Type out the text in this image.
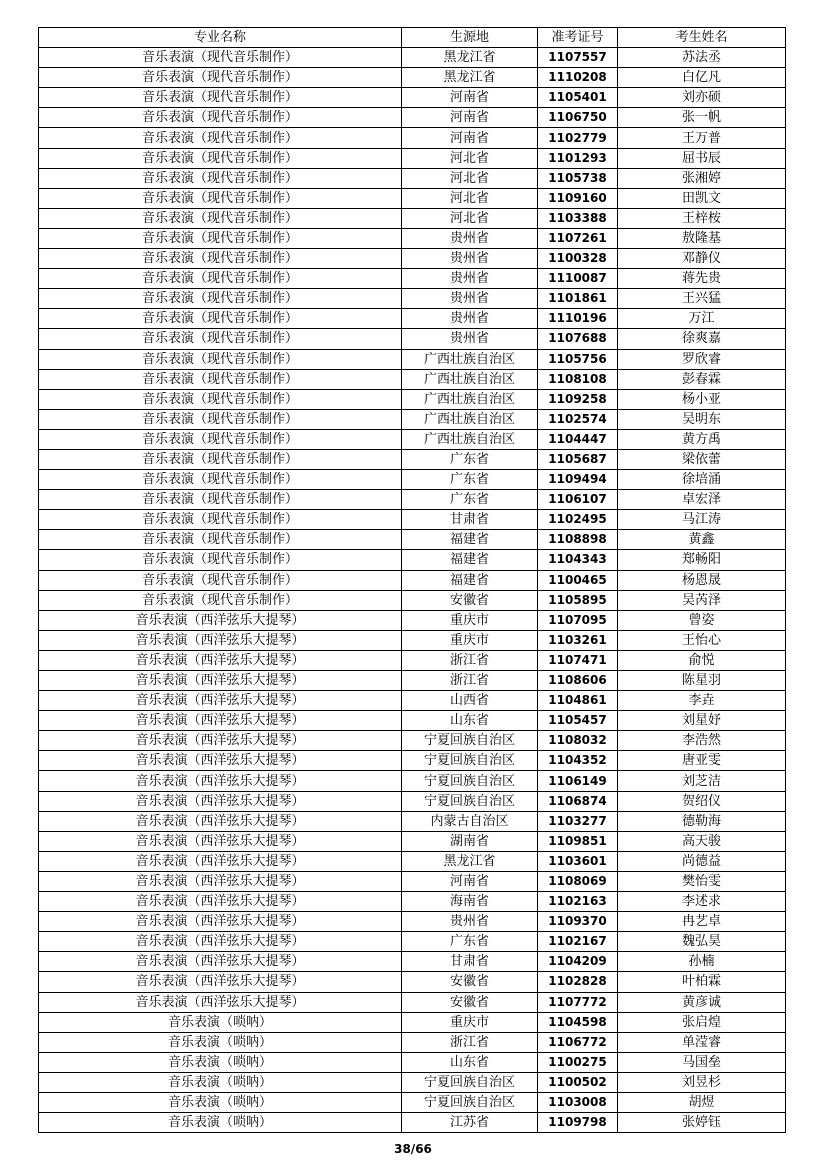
专业名称	生源地	准考证号	考生姓名
音乐表演（现代音乐制作）	黑龙江省	1107557	苏法丞
音乐表演（现代音乐制作）	黑龙江省	1110208	白亿凡
音乐表演（现代音乐制作）	河南省	1105401	刘亦硕
音乐表演（现代音乐制作）	河南省	1106750	张一帆
音乐表演（现代音乐制作）	河南省	1102779	王万普
音乐表演（现代音乐制作）	河北省	1101293	屈书辰
音乐表演（现代音乐制作）	河北省	1105738	张湘婷
音乐表演（现代音乐制作）	河北省	1109160	田凯文
音乐表演（现代音乐制作）	河北省	1103388	王梓桉
音乐表演（现代音乐制作）	贵州省	1107261	敖隆基
音乐表演（现代音乐制作）	贵州省	1100328	邓静仪
音乐表演（现代音乐制作）	贵州省	1110087	蒋先贵
音乐表演（现代音乐制作）	贵州省	1101861	王兴猛
音乐表演（现代音乐制作）	贵州省	1110196	万江
音乐表演（现代音乐制作）	贵州省	1107688	徐爽嘉
音乐表演（现代音乐制作）	广西壮族自治区	1105756	罗欣睿
音乐表演（现代音乐制作）	广西壮族自治区	1108108	彭春霖
音乐表演（现代音乐制作）	广西壮族自治区	1109258	杨小亚
音乐表演（现代音乐制作）	广西壮族自治区	1102574	吴明东
音乐表演（现代音乐制作）	广西壮族自治区	1104447	黄方禹
音乐表演（现代音乐制作）	广东省	1105687	梁依蕾
音乐表演（现代音乐制作）	广东省	1109494	徐培涌
音乐表演（现代音乐制作）	广东省	1106107	卓宏泽
音乐表演（现代音乐制作）	甘肃省	1102495	马江涛
音乐表演（现代音乐制作）	福建省	1108898	黄鑫
音乐表演（现代音乐制作）	福建省	1104343	郑畅阳
音乐表演（现代音乐制作）	福建省	1100465	杨恩晟
音乐表演（现代音乐制作）	安徽省	1105895	吴芮泽
音乐表演（西洋弦乐大提琴）	重庆市	1107095	曾姿
音乐表演（西洋弦乐大提琴）	重庆市	1103261	王怡心
音乐表演（西洋弦乐大提琴）	浙江省	1107471	俞悦
音乐表演（西洋弦乐大提琴）	浙江省	1108606	陈星羽
音乐表演（西洋弦乐大提琴）	山西省	1104861	李垚
音乐表演（西洋弦乐大提琴）	山东省	1105457	刘星妤
音乐表演（西洋弦乐大提琴）	宁夏回族自治区	1108032	李浩然
音乐表演（西洋弦乐大提琴）	宁夏回族自治区	1104352	唐亚雯
音乐表演（西洋弦乐大提琴）	宁夏回族自治区	1106149	刘芝洁
音乐表演（西洋弦乐大提琴）	宁夏回族自治区	1106874	贺绍仪
音乐表演（西洋弦乐大提琴）	内蒙古自治区	1103277	德勒海
音乐表演（西洋弦乐大提琴）	湖南省	1109851	高天骏
音乐表演（西洋弦乐大提琴）	黑龙江省	1103601	尚德益
音乐表演（西洋弦乐大提琴）	河南省	1108069	樊怡雯
音乐表演（西洋弦乐大提琴）	海南省	1102163	李述求
音乐表演（西洋弦乐大提琴）	贵州省	1109370	冉艺卓
音乐表演（西洋弦乐大提琴）	广东省	1102167	魏弘昊
音乐表演（西洋弦乐大提琴）	甘肃省	1104209	孙楠
音乐表演（西洋弦乐大提琴）	安徽省	1102828	叶柏霖
音乐表演（西洋弦乐大提琴）	安徽省	1107772	黄彦诚
音乐表演（唢呐）	重庆市	1104598	张启煌
音乐表演（唢呐）	浙江省	1106772	单滢睿
音乐表演（唢呐）	山东省	1100275	马国垒
音乐表演（唢呐）	宁夏回族自治区	1100502	刘昱杉
音乐表演（唢呐）	宁夏回族自治区	1103008	胡煜
音乐表演（唢呐）	江苏省	1109798	张婷钰
38/66
